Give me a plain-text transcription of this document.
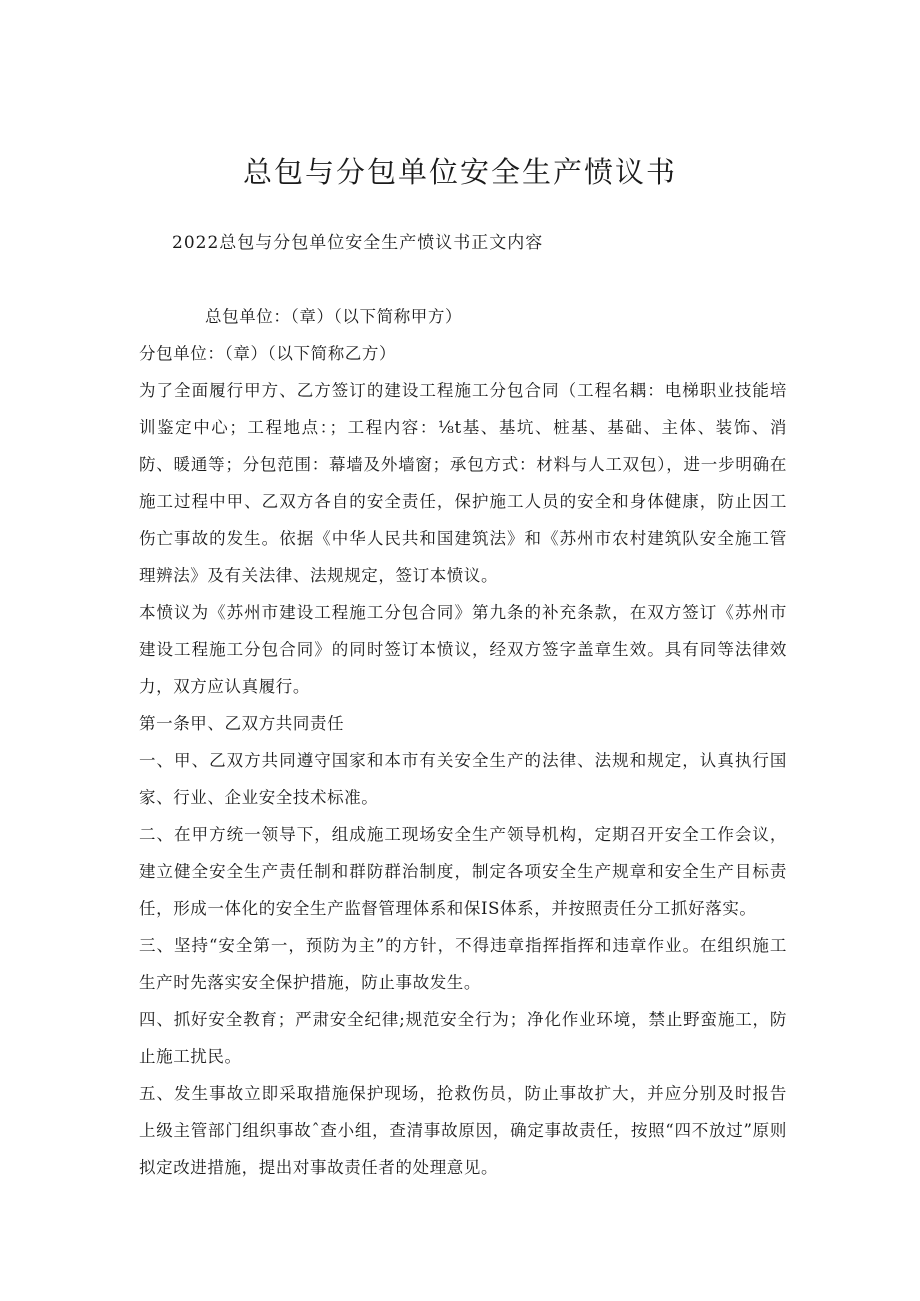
总包与分包单位安全生产愤议书
2022总包与分包单位安全生产愤议书正文内容

总包单位：（章）（以下简称甲方）

分包单位：（章）（以下简称乙方）

为了全面履行甲方、乙方签订的建设工程施工分包合同（工程名耦：电梯职业技能培训鉴定中心；工程地点：；工程内容：⅛t基、基坑、桩基、基础、主体、装饰、消防、暖通等；分包范围：幕墙及外墙窗；承包方式：材料与人工双包），进一步明确在施工过程中甲、乙双方各自的安全责任，保护施工人员的安全和身体健康，防止因工伤亡事故的发生。依据《中华人民共和国建筑法》和《苏州市农村建筑队安全施工管理辨法》及有关法律、法规规定，签订本愤议。

本愤议为《苏州市建设工程施工分包合同》第九条的补充条款，在双方签订《苏州市建设工程施工分包合同》的同时签订本愤议，经双方签字盖章生效。具有同等法律效力，双方应认真履行。

第一条甲、乙双方共同责任

一、甲、乙双方共同遵守国家和本市有关安全生产的法律、法规和规定，认真执行国家、行业、企业安全技术标准。

二、在甲方统一领导下，组成施工现场安全生产领导机构，定期召开安全工作会议，建立健全安全生产责任制和群防群治制度，制定各项安全生产规章和安全生产目标责任，形成一体化的安全生产监督管理体系和保IS体系，并按照责任分工抓好落实。

三、坚持“安全第一，预防为主”的方针，不得违章指挥指挥和违章作业。在组织施工生产时先落实安全保护措施，防止事故发生。

四、抓好安全教育；严肃安全纪律;规范安全行为；净化作业环境，禁止野蛮施工，防止施工扰民。

五、发生事故立即采取措施保护现场，抢救伤员，防止事故扩大，并应分别及时报告上级主管部门组织事故ˆ查小组，查清事故原因，确定事故责任，按照“四不放过”原则拟定改进措施，提出对事故责任者的处理意见。
